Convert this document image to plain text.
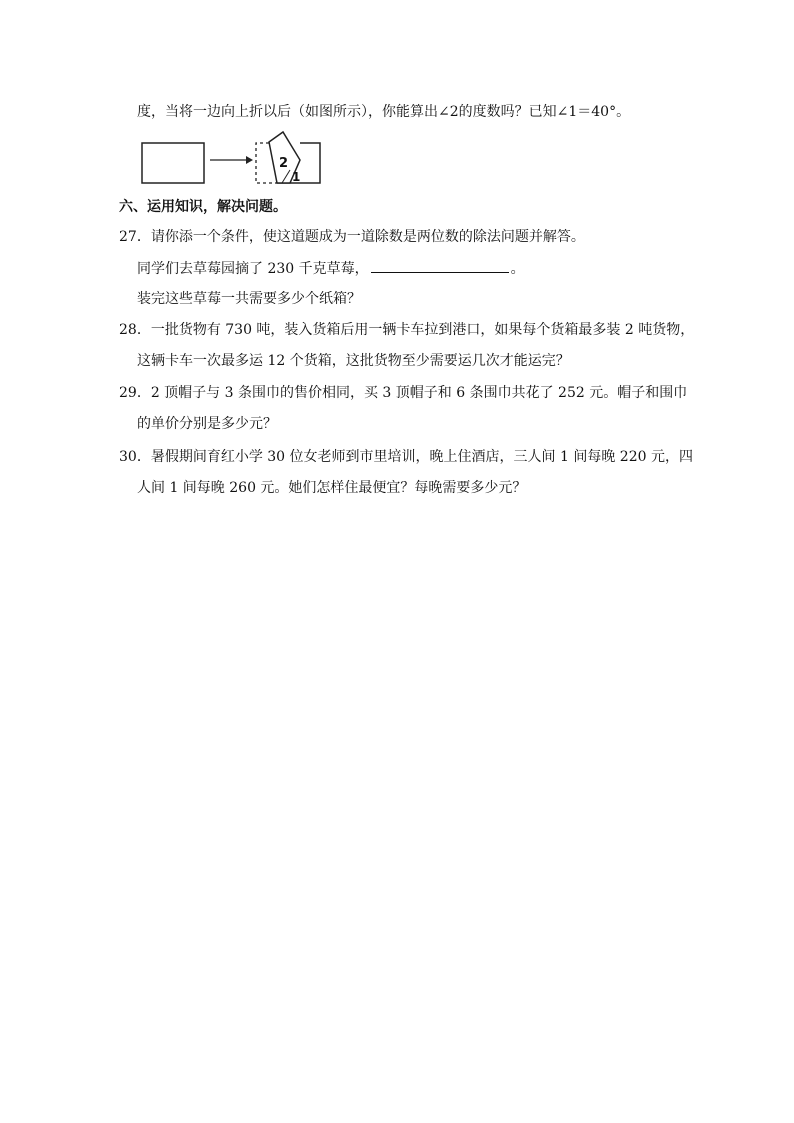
度，当将一边向上折以后（如图所示），你能算出∠2的度数吗？已知∠1＝40°。
2
1
六、运用知识，解决问题。
27．请你添一个条件，使这道题成为一道除数是两位数的除法问题并解答。
同学们去草莓园摘了 230 千克草莓，	。
装完这些草莓一共需要多少个纸箱？
28．一批货物有 730 吨，装入货箱后用一辆卡车拉到港口，如果每个货箱最多装 2 吨货物，
这辆卡车一次最多运 12 个货箱，这批货物至少需要运几次才能运完？
29．2 顶帽子与 3 条围巾的售价相同，买 3 顶帽子和 6 条围巾共花了 252 元。帽子和围巾
的单价分别是多少元？
30．暑假期间育红小学 30 位女老师到市里培训，晚上住酒店，三人间 1 间每晚 220 元，四
人间 1 间每晚 260 元。她们怎样住最便宜？每晚需要多少元？
